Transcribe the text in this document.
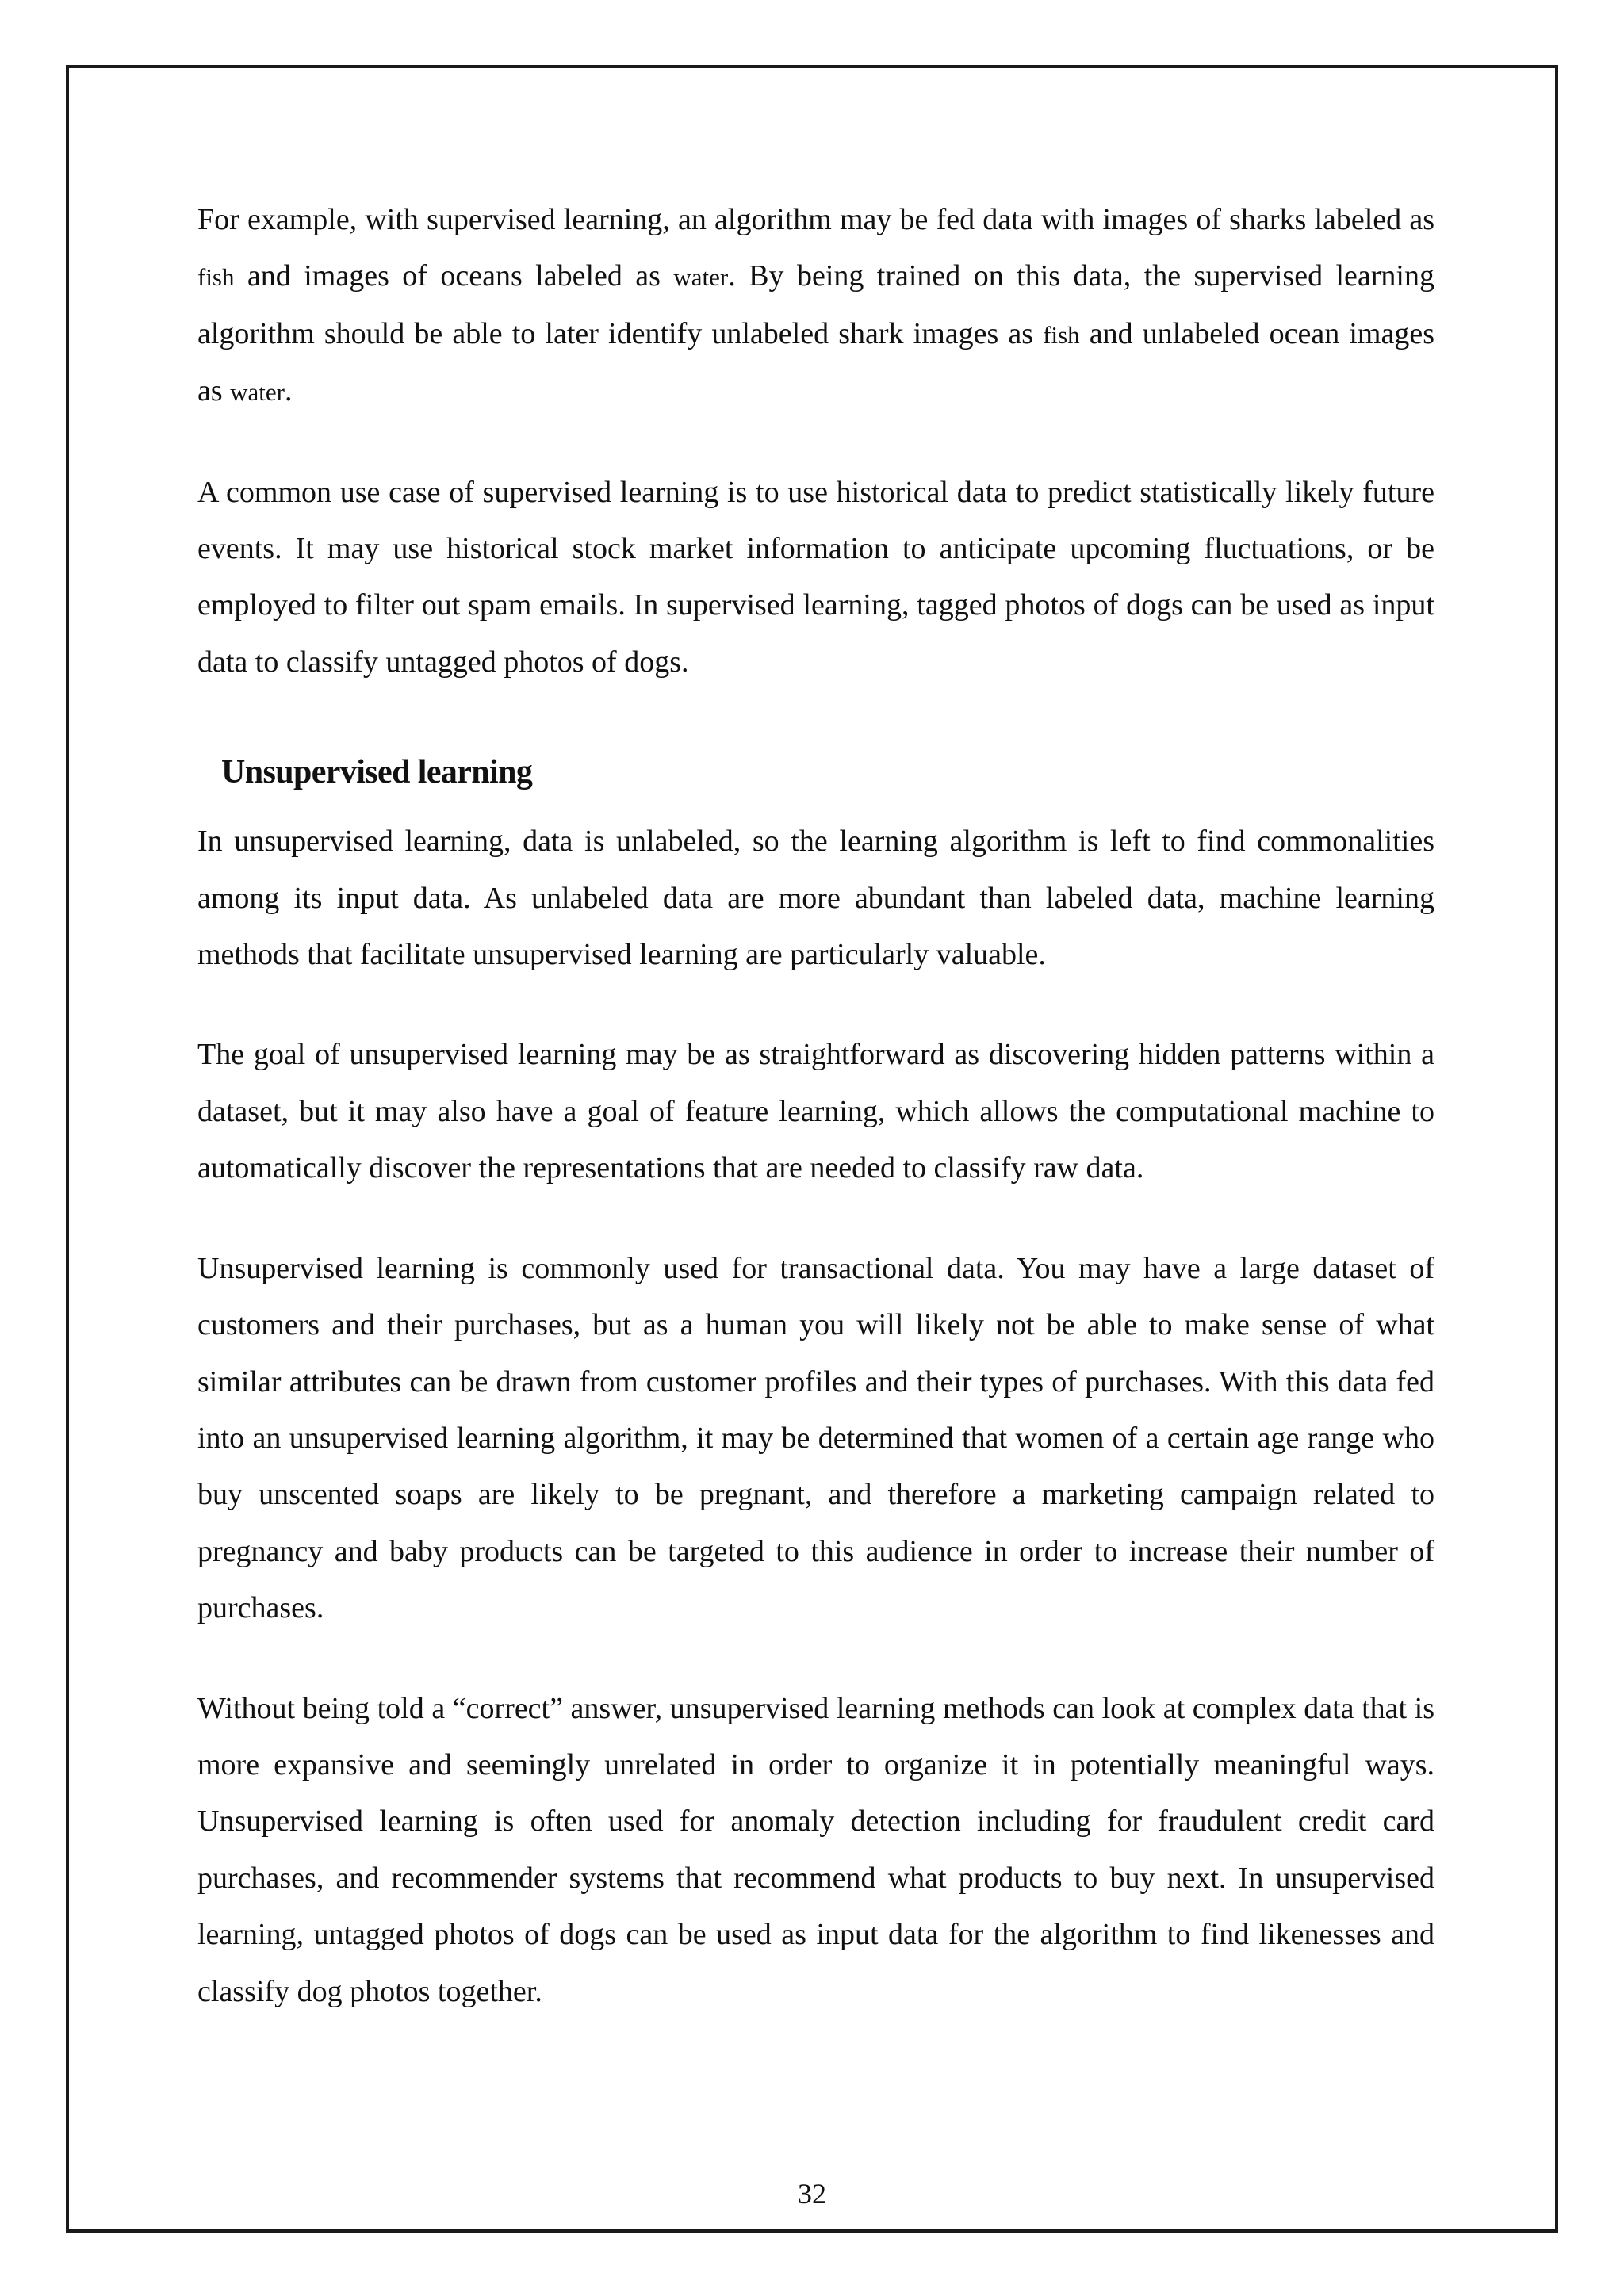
For example, with supervised learning, an algorithm may be fed data with images of sharks labeled as fish and images of oceans labeled as water. By being trained on this data, the supervised learning algorithm should be able to later identify unlabeled shark images as fish and unlabeled ocean images as water.

A common use case of supervised learning is to use historical data to predict statistically likely future events. It may use historical stock market information to anticipate upcoming fluctuations, or be employed to filter out spam emails. In supervised learning, tagged photos of dogs can be used as input data to classify untagged photos of dogs.

Unsupervised learning

In unsupervised learning, data is unlabeled, so the learning algorithm is left to find commonalities among its input data. As unlabeled data are more abundant than labeled data, machine learning methods that facilitate unsupervised learning are particularly valuable.

The goal of unsupervised learning may be as straightforward as discovering hidden patterns within a dataset, but it may also have a goal of feature learning, which allows the computational machine to automatically discover the representations that are needed to classify raw data.

Unsupervised learning is commonly used for transactional data. You may have a large dataset of customers and their purchases, but as a human you will likely not be able to make sense of what similar attributes can be drawn from customer profiles and their types of purchases. With this data fed into an unsupervised learning algorithm, it may be determined that women of a certain age range who buy unscented soaps are likely to be pregnant, and therefore a marketing campaign related to pregnancy and baby products can be targeted to this audience in order to increase their number of purchases.

Without being told a “correct” answer, unsupervised learning methods can look at complex data that is more expansive and seemingly unrelated in order to organize it in potentially meaningful ways. Unsupervised learning is often used for anomaly detection including for fraudulent credit card purchases, and recommender systems that recommend what products to buy next. In unsupervised learning, untagged photos of dogs can be used as input data for the algorithm to find likenesses and classify dog photos together.

32
